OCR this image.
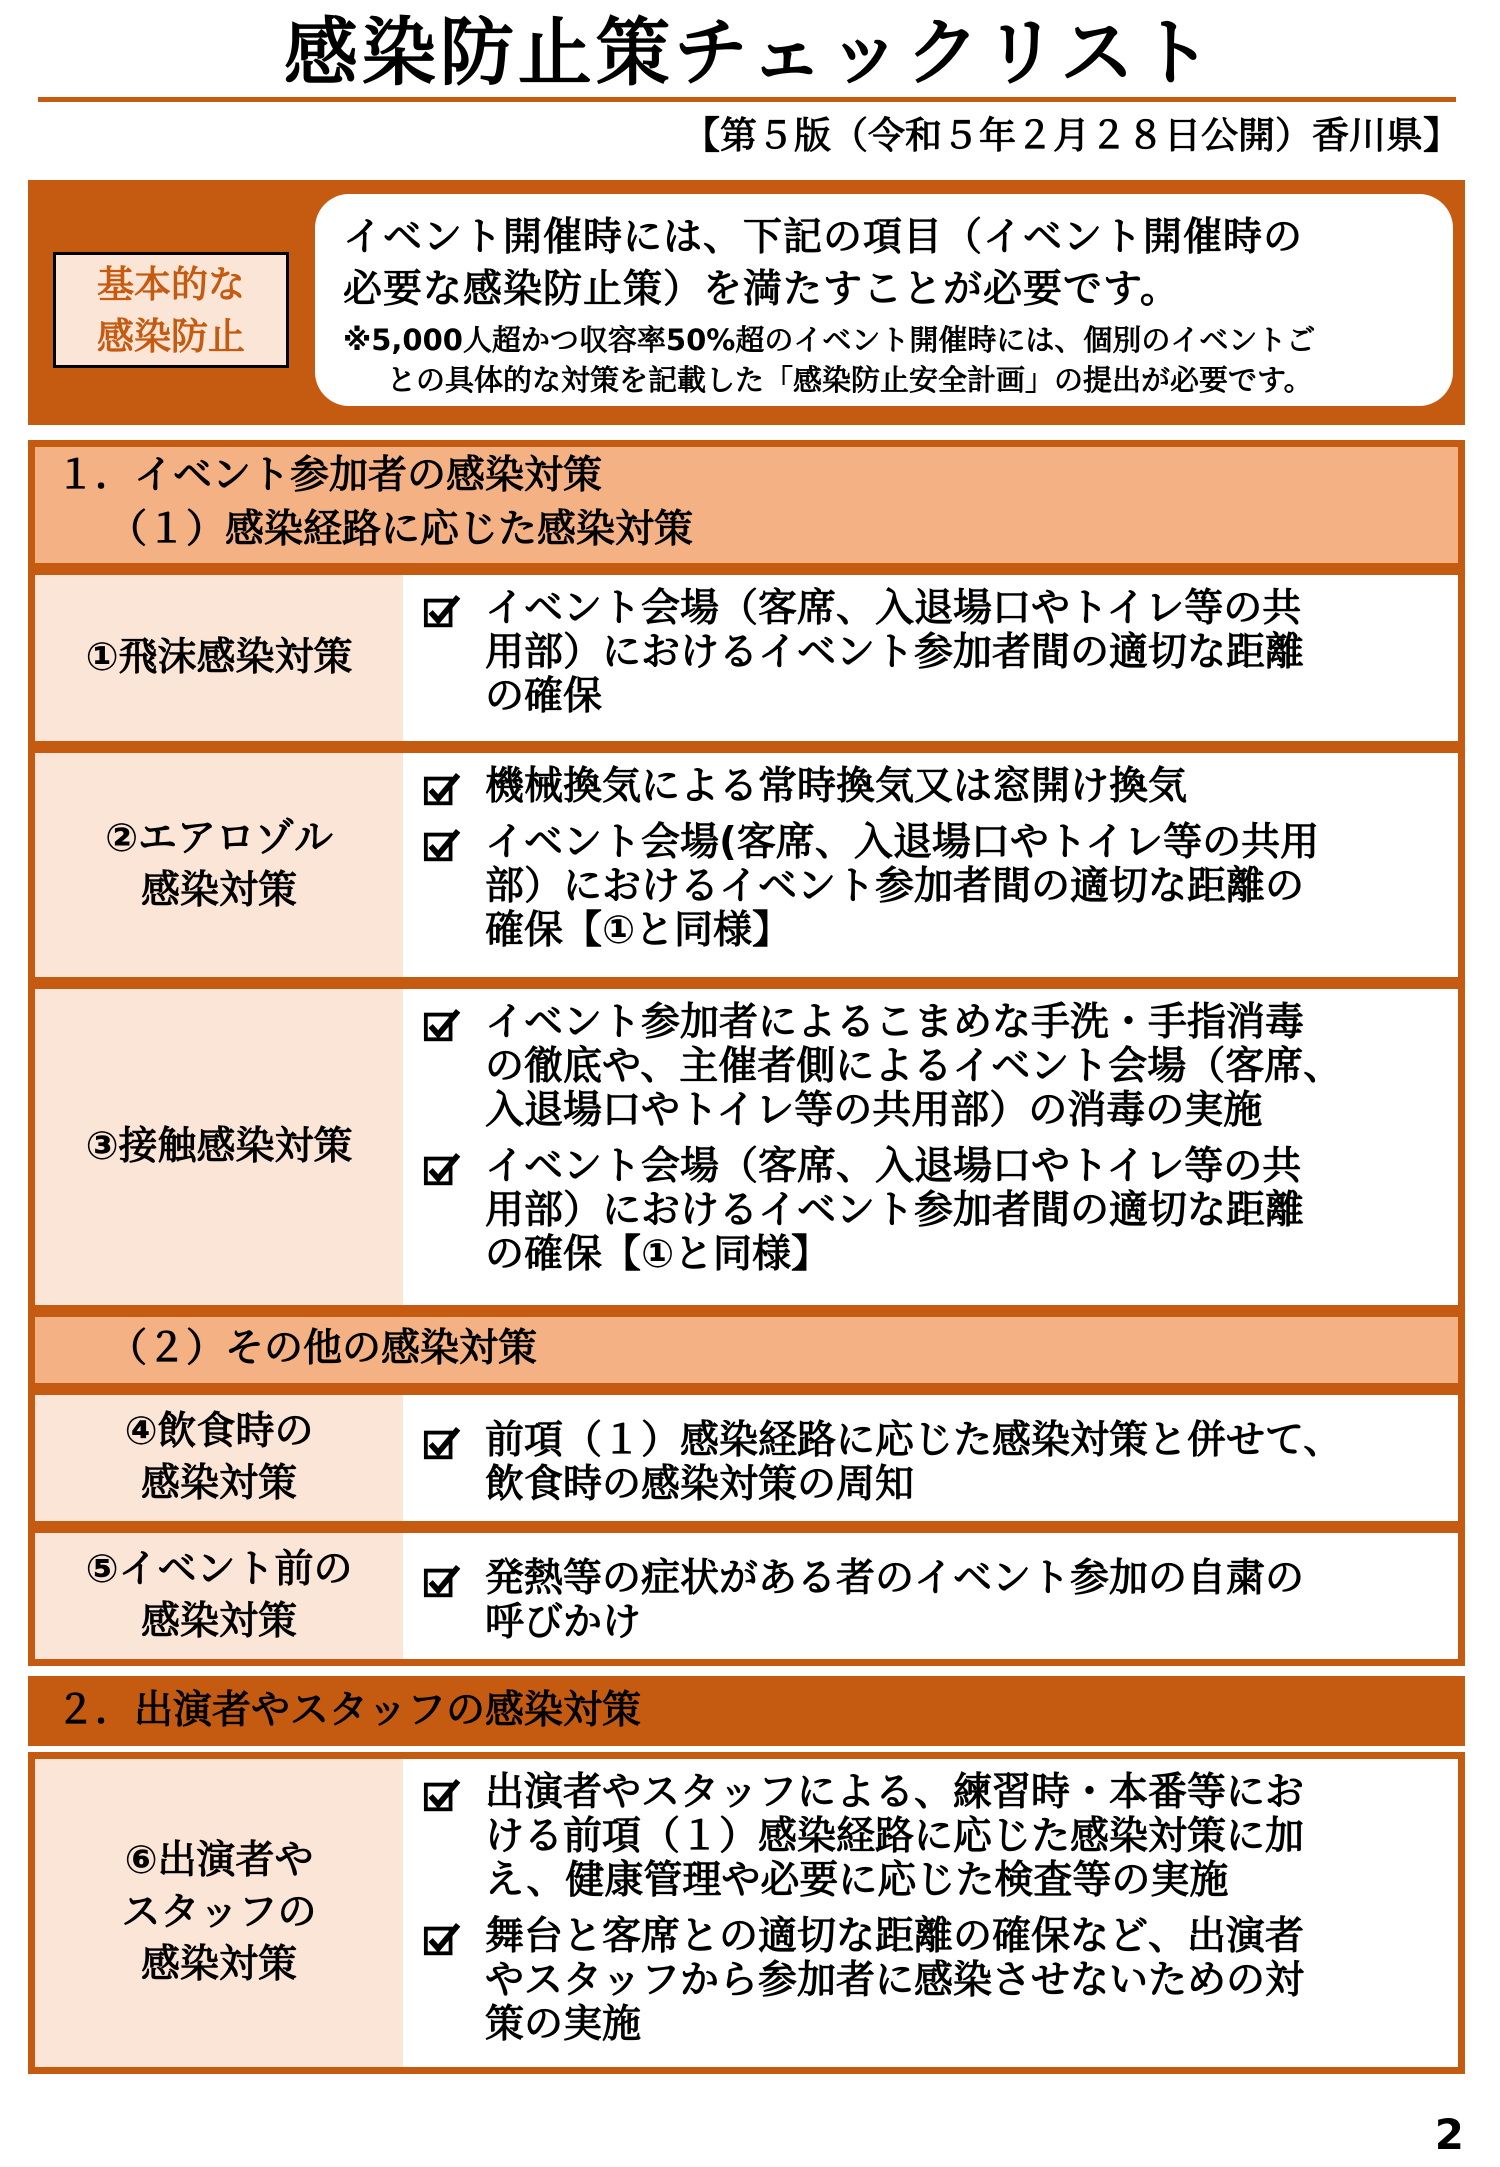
感染防止策チェックリスト
【第５版（令和５年２月２８日公開）香川県】
基本的な
感染防止
イベント開催時には、下記の項目（イベント開催時の
必要な感染防止策）を満たすことが必要です。
※5,000人超かつ収容率50%超のイベント開催時には、個別のイベントご
との具体的な対策を記載した「感染防止安全計画」の提出が必要です。
１．イベント参加者の感染対策
（１）感染経路に応じた感染対策
①飛沫感染対策
イベント会場（客席、入退場口やトイレ等の共
用部）におけるイベント参加者間の適切な距離
の確保
②エアロゾル
感染対策
機械換気による常時換気又は窓開け換気
イベント会場(客席、入退場口やトイレ等の共用
部）におけるイベント参加者間の適切な距離の
確保【①と同様】
③接触感染対策
イベント参加者によるこまめな手洗・手指消毒
の徹底や、主催者側によるイベント会場（客席、
入退場口やトイレ等の共用部）の消毒の実施
イベント会場（客席、入退場口やトイレ等の共
用部）におけるイベント参加者間の適切な距離
の確保【①と同様】
（２）その他の感染対策
④飲食時の
感染対策
前項（１）感染経路に応じた感染対策と併せて、
飲食時の感染対策の周知
⑤イベント前の
感染対策
発熱等の症状がある者のイベント参加の自粛の
呼びかけ
２．出演者やスタッフの感染対策
⑥出演者や
スタッフの
感染対策
出演者やスタッフによる、練習時・本番等にお
ける前項（１）感染経路に応じた感染対策に加
え、健康管理や必要に応じた検査等の実施
舞台と客席との適切な距離の確保など、出演者
やスタッフから参加者に感染させないための対
策の実施
2
